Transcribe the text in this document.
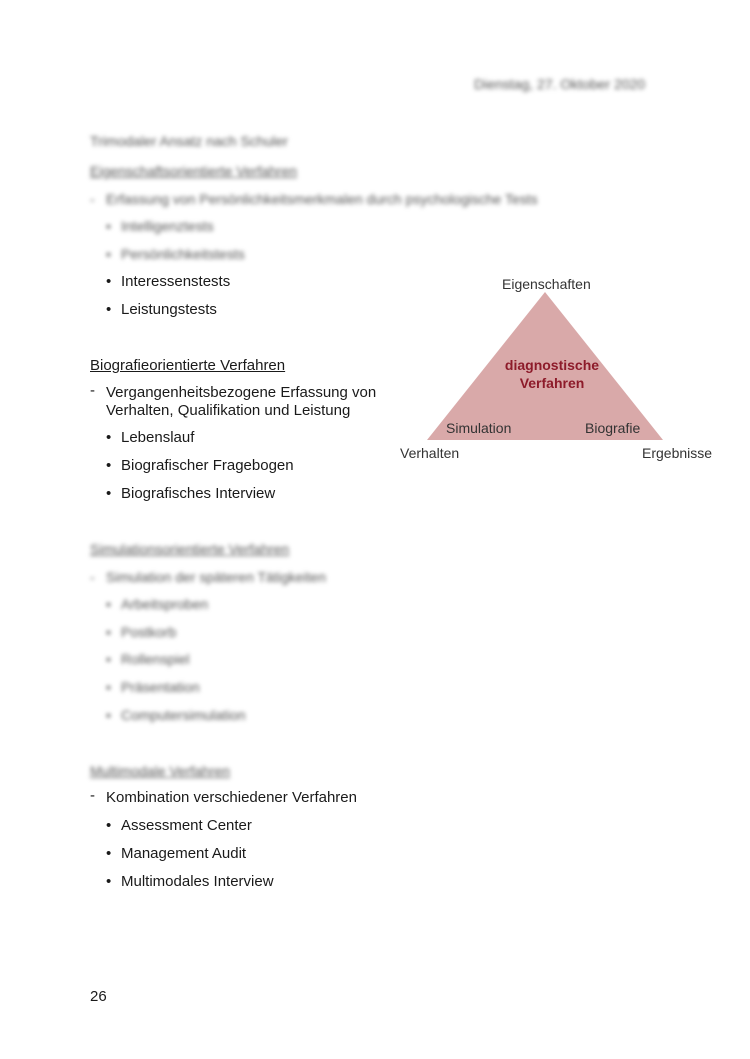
Dienstag, 27. Oktober 2020
Trimodaler Ansatz nach Schuler
Eigenschaftsorientierte Verfahren
- Erfassung von Persönlichkeitsmerkmalen durch psychologische Tests
Intelligenztests
Persönlichkeitstests
•
•
• Interessenstests
• Leistungstests
Biografieorientierte Verfahren
- Vergangenheitsbezogene Erfassung von
Verhalten, Qualifikation und Leistung
• Lebenslauf
• Biografischer Fragebogen
• Biografisches Interview
Simulationsorientierte Verfahren
- Simulation der späteren Tätigkeiten
• Arbeitsproben
• Postkorb
• Rollenspiel
• Präsentation
• Computersimulation
Multimodale Verfahren
- Kombination verschiedener Verfahren
• Assessment Center
• Management Audit
• Multimodales Interview
Eigenschaften
diagnostische
Verfahren
Simulation	Biografie
Verhalten	Ergebnisse
26
